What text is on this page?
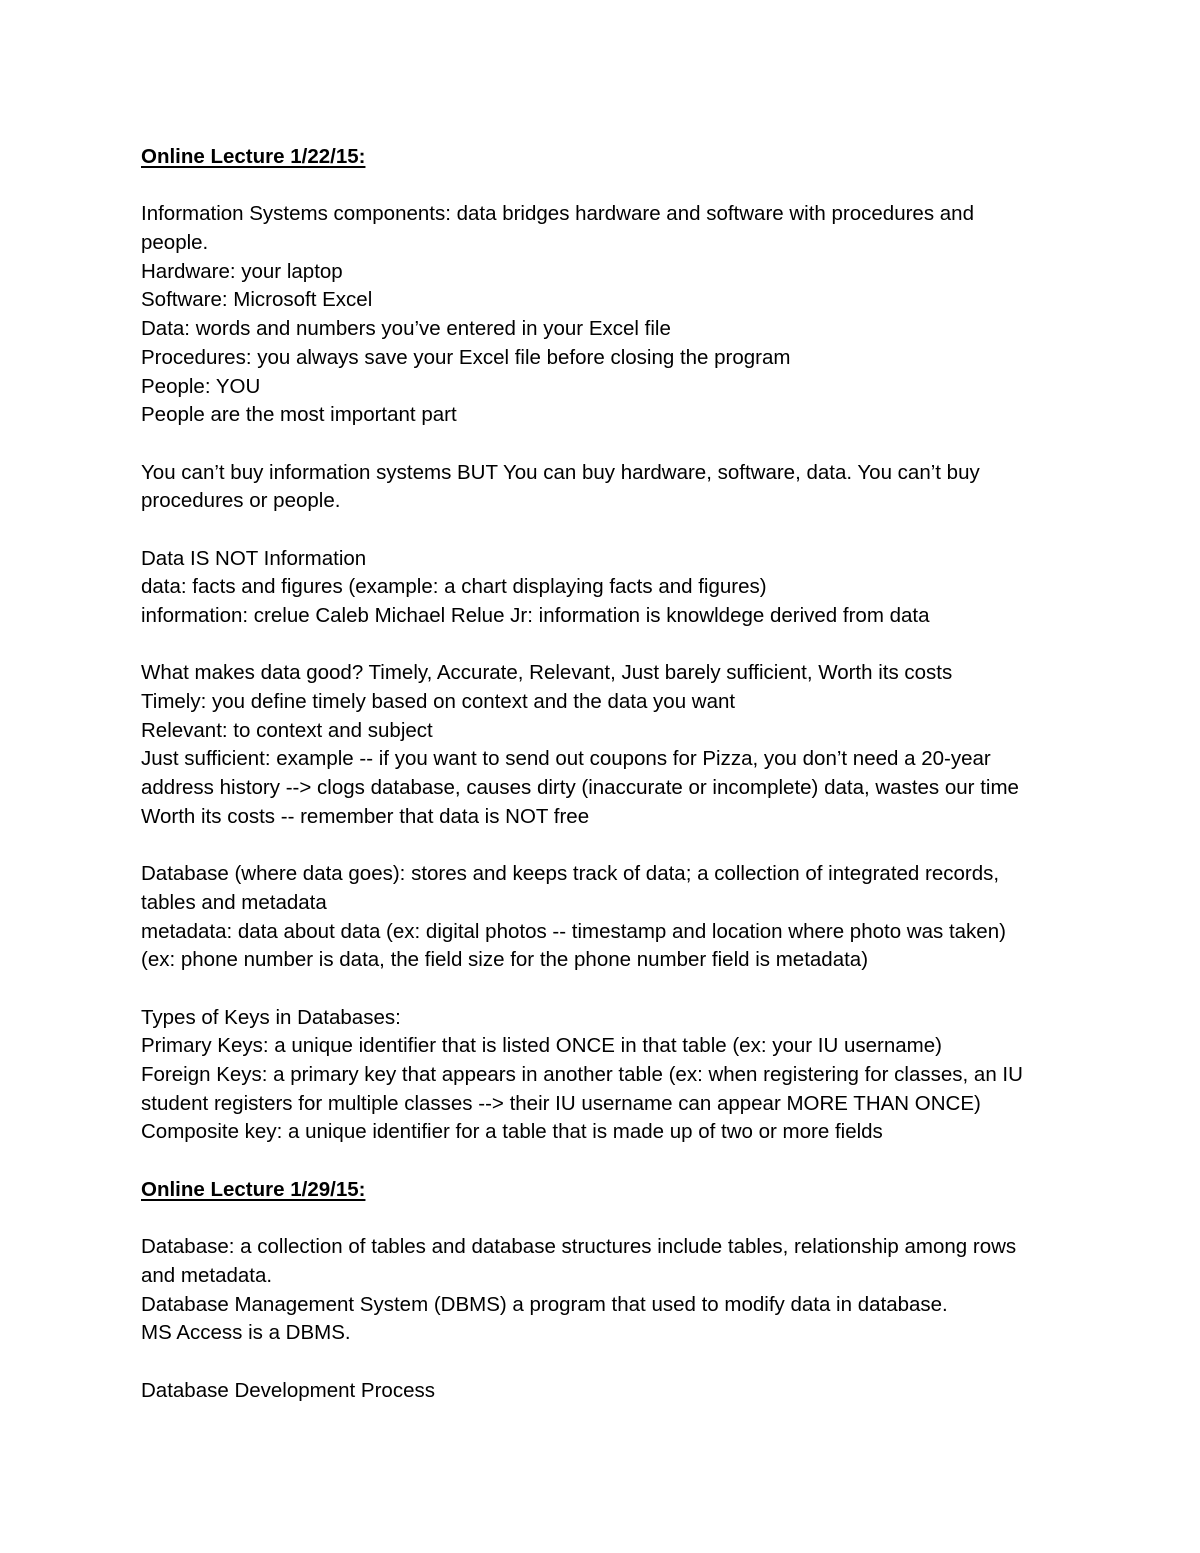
Online Lecture 1/22/15:
Information Systems components: data bridges hardware and software with procedures and
people.
Hardware: your laptop
Software: Microsoft Excel
Data: words and numbers you’ve entered in your Excel file
Procedures: you always save your Excel file before closing the program
People: YOU
People are the most important part
You can’t buy information systems BUT You can buy hardware, software, data. You can’t buy
procedures or people.
Data IS NOT Information
data: facts and figures (example: a chart displaying facts and figures)
information: crelue Caleb Michael Relue Jr: information is knowldege derived from data
What makes data good? Timely, Accurate, Relevant, Just barely sufficient, Worth its costs
Timely: you define timely based on context and the data you want
Relevant: to context and subject
Just sufficient: example -- if you want to send out coupons for Pizza, you don’t need a 20-year
address history --> clogs database, causes dirty (inaccurate or incomplete) data, wastes our time
Worth its costs -- remember that data is NOT free
Database (where data goes): stores and keeps track of data; a collection of integrated records,
tables and metadata
metadata: data about data (ex: digital photos -- timestamp and location where photo was taken)
(ex: phone number is data, the field size for the phone number field is metadata)
Types of Keys in Databases:
Primary Keys: a unique identifier that is listed ONCE in that table (ex: your IU username)
Foreign Keys: a primary key that appears in another table (ex: when registering for classes, an IU
student registers for multiple classes --> their IU username can appear MORE THAN ONCE)
Composite key: a unique identifier for a table that is made up of two or more fields
Online Lecture 1/29/15:
Database: a collection of tables and database structures include tables, relationship among rows
and metadata.
Database Management System (DBMS) a program that used to modify data in database.
MS Access is a DBMS.
Database Development Process
